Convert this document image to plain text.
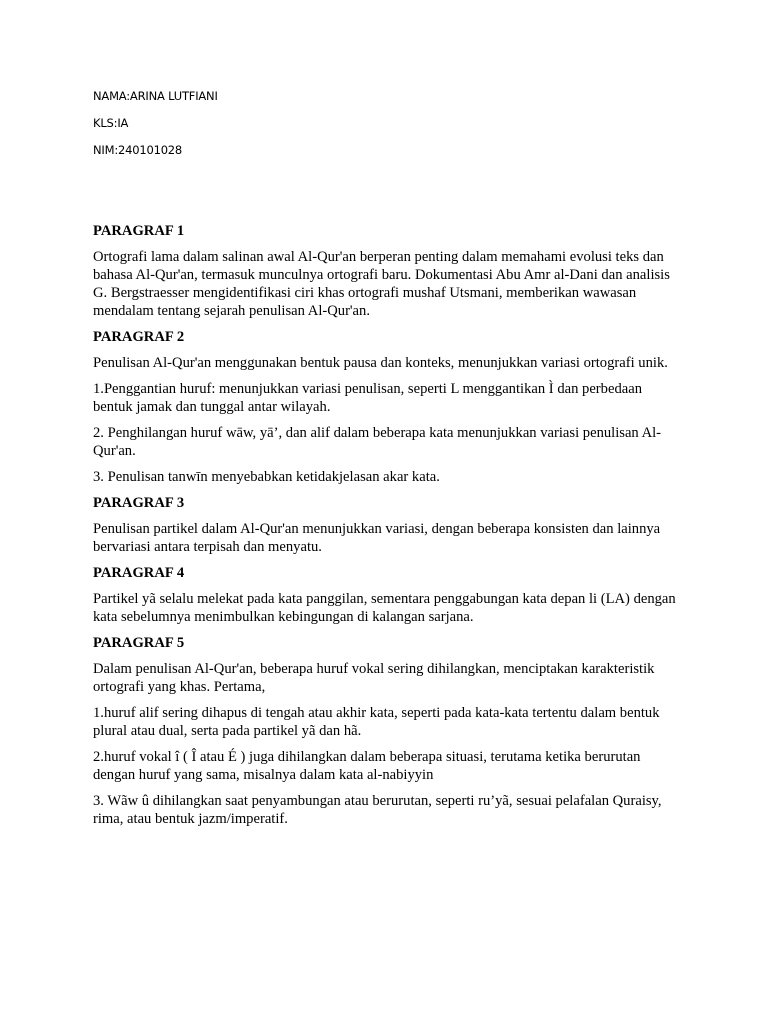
NAMA:ARINA LUTFIANI
KLS:IA
NIM:240101028
PARAGRAF 1

Ortografi lama dalam salinan awal Al-Qur'an berperan penting dalam memahami evolusi teks dan bahasa Al-Qur'an, termasuk munculnya ortografi baru. Dokumentasi Abu Amr al-Dani dan analisis G. Bergstraesser mengidentifikasi ciri khas ortografi mushaf Utsmani, memberikan wawasan mendalam tentang sejarah penulisan Al-Qur'an.

PARAGRAF 2

Penulisan Al-Qur'an menggunakan bentuk pausa dan konteks, menunjukkan variasi ortografi unik.

1.Penggantian huruf: menunjukkan variasi penulisan, seperti L menggantikan Ì dan perbedaan bentuk jamak dan tunggal antar wilayah.

2. Penghilangan huruf wāw, yā’, dan alif dalam beberapa kata menunjukkan variasi penulisan Al-Qur'an.

3. Penulisan tanwīn menyebabkan ketidakjelasan akar kata.

PARAGRAF 3

Penulisan partikel dalam Al-Qur'an menunjukkan variasi, dengan beberapa konsisten dan lainnya bervariasi antara terpisah dan menyatu.

PARAGRAF 4

Partikel yã selalu melekat pada kata panggilan, sementara penggabungan kata depan li (LA) dengan kata sebelumnya menimbulkan kebingungan di kalangan sarjana.

PARAGRAF 5

Dalam penulisan Al-Qur'an, beberapa huruf vokal sering dihilangkan, menciptakan karakteristik ortografi yang khas. Pertama,

1.huruf alif sering dihapus di tengah atau akhir kata, seperti pada kata-kata tertentu dalam bentuk plural atau dual, serta pada partikel yã dan hã.

2.huruf vokal î ( Î atau É ) juga dihilangkan dalam beberapa situasi, terutama ketika berurutan dengan huruf yang sama, misalnya dalam kata al-nabiyyin

3. Wãw û dihilangkan saat penyambungan atau berurutan, seperti ru’yã, sesuai pelafalan Quraisy, rima, atau bentuk jazm/imperatif.
